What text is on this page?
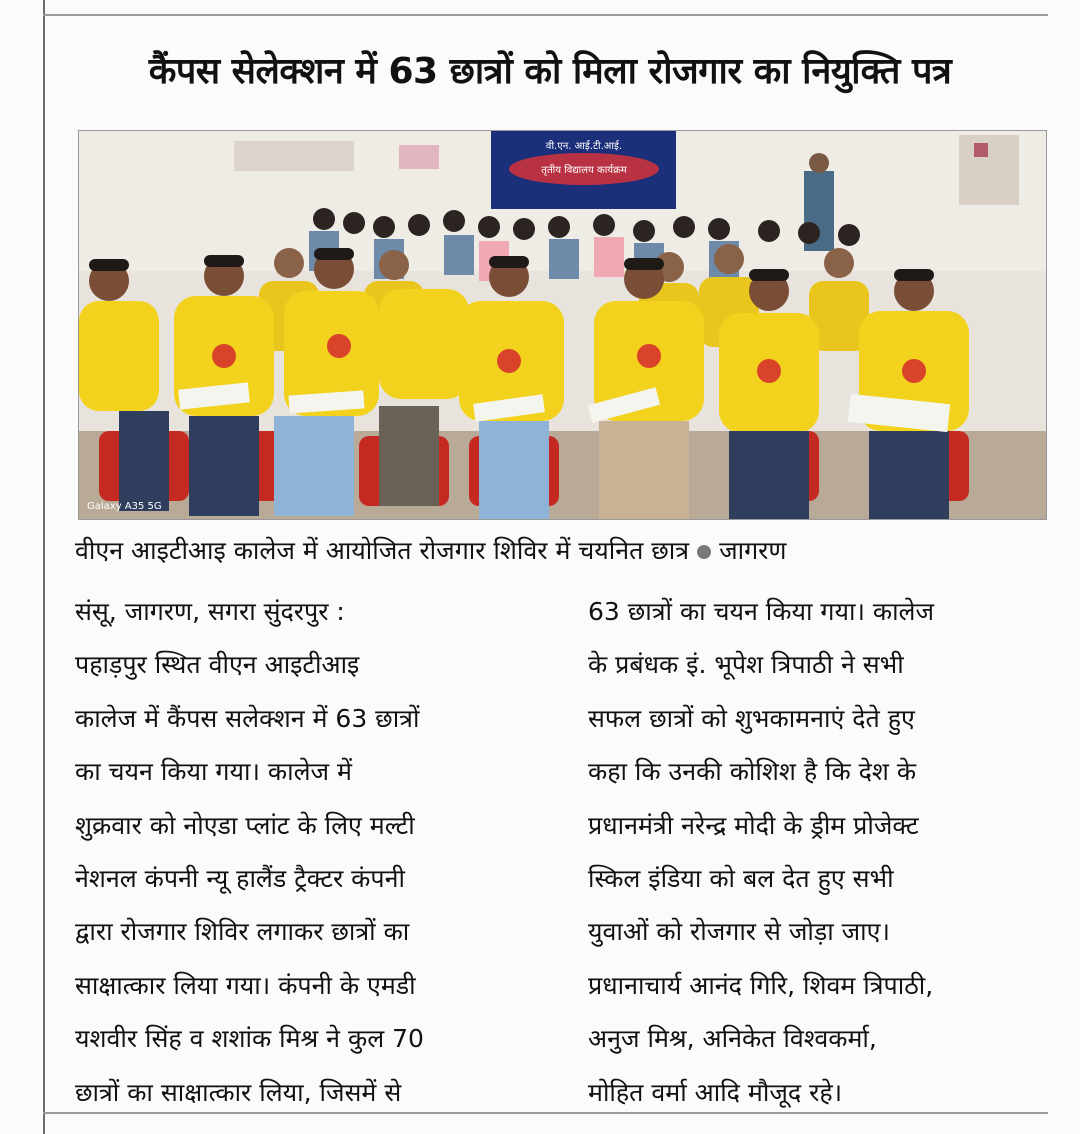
कैंपस सेलेक्शन में 63 छात्रों को मिला रोजगार का नियुक्ति पत्र
वी.एन. आई.टी.आई.
तृतीय विद्यालय कार्यक्रम
Galaxy A35 5G
वीएन आइटीआइ कालेज में आयोजित रोजगार शिविर में चयनित छात्र जागरण
संसू, जागरण, सगरा सुंदरपुर :
पहाड़पुर स्थित वीएन आइटीआइ
कालेज में कैंपस सलेक्शन में 63 छात्रों
का चयन किया गया। कालेज में
शुक्रवार को नोएडा प्लांट के लिए मल्टी
नेशनल कंपनी न्यू हालैंड ट्रैक्टर कंपनी
द्वारा रोजगार शिविर लगाकर छात्रों का
साक्षात्कार लिया गया। कंपनी के एमडी
यशवीर सिंह व शशांक मिश्र ने कुल 70
छात्रों का साक्षात्कार लिया, जिसमें से
63 छात्रों का चयन किया गया। कालेज
के प्रबंधक इं. भूपेश त्रिपाठी ने सभी
सफल छात्रों को शुभकामनाएं देते हुए
कहा कि उनकी कोशिश है कि देश के
प्रधानमंत्री नरेन्द्र मोदी के ड्रीम प्रोजेक्ट
स्किल इंडिया को बल देत हुए सभी
युवाओं को रोजगार से जोड़ा जाए।
प्रधानाचार्य आनंद गिरि, शिवम त्रिपाठी,
अनुज मिश्र, अनिकेत विश्वकर्मा,
मोहित वर्मा आदि मौजूद रहे।
